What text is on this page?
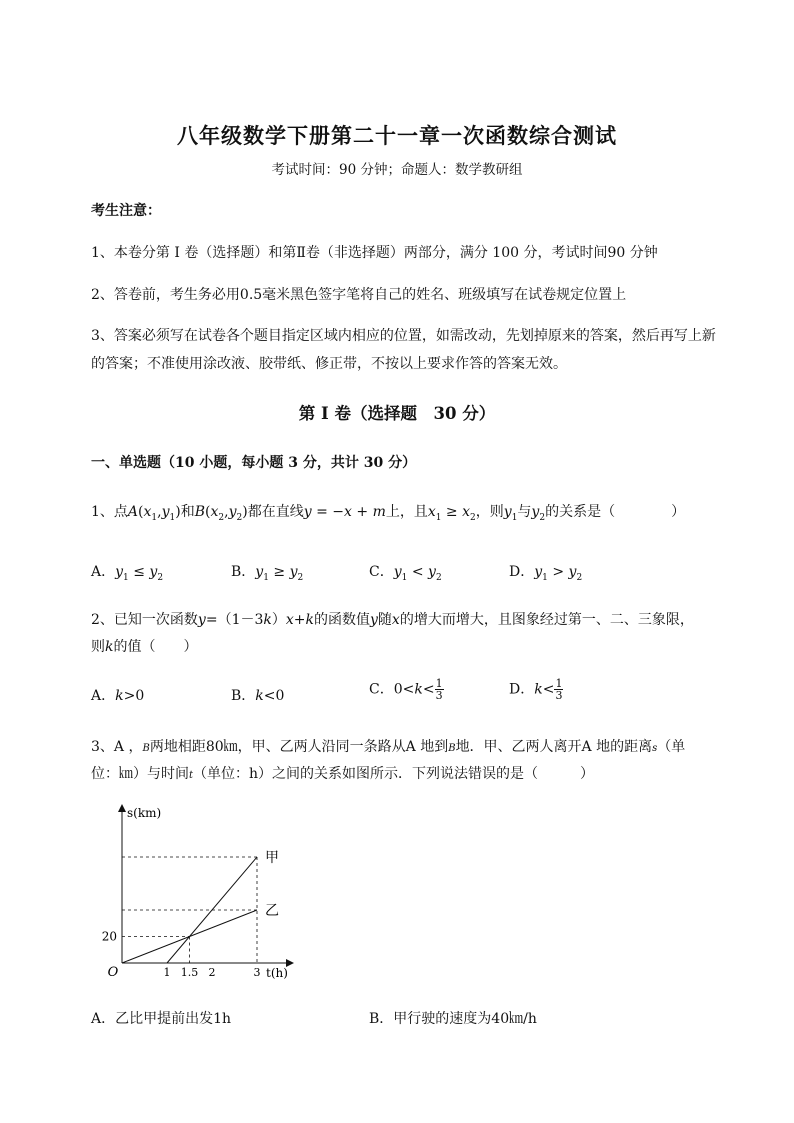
八年级数学下册第二十一章一次函数综合测试
考试时间：90 分钟；命题人：数学教研组
考生注意：
1、本卷分第 I 卷（选择题）和第Ⅱ卷（非选择题）两部分，满分 100 分，考试时间90 分钟
2、答卷前，考生务必用0.5毫米黑色签字笔将自己的姓名、班级填写在试卷规定位置上
3、答案必须写在试卷各个题目指定区域内相应的位置，如需改动，先划掉原来的答案，然后再写上新
的答案；不准使用涂改液、胶带纸、修正带，不按以上要求作答的答案无效。
第 I 卷（选择题　30 分）
一、单选题（10 小题，每小题 3 分，共计 30 分）
1、点$A(x_1,y_1)$和$B(x_2,y_2)$都在直线y = −x + m上，且$x_1 \ge x_2$，则$y_1$与$y_2$的关系是（　　　　）
A．$y_1 \le y_2$	B．$y_1 \ge y_2$	C．$y_1 < y_2$	D．$y_1 > y_2$
2、已知一次函数y=（1－3k）x+k的函数值y随x的增大而增大，且图象经过第一、二、三象限，
则k的值（　　）
A．k>0	B．k<0	C．$0<k< \frac{1}{3}$	D．$k< \frac{1}{3}$
3、A ，B两地相距80㎞，甲、乙两人沿同一条路从A 地到B地．甲、乙两人离开A 地的距离s（单
位：㎞）与时间t（单位：h）之间的关系如图所示．下列说法错误的是（　　　）
甲
乙
1 1.5 2	3
20
O
s(km)
t(h)
A．乙比甲提前出发1h	B．甲行驶的速度为40㎞/h
